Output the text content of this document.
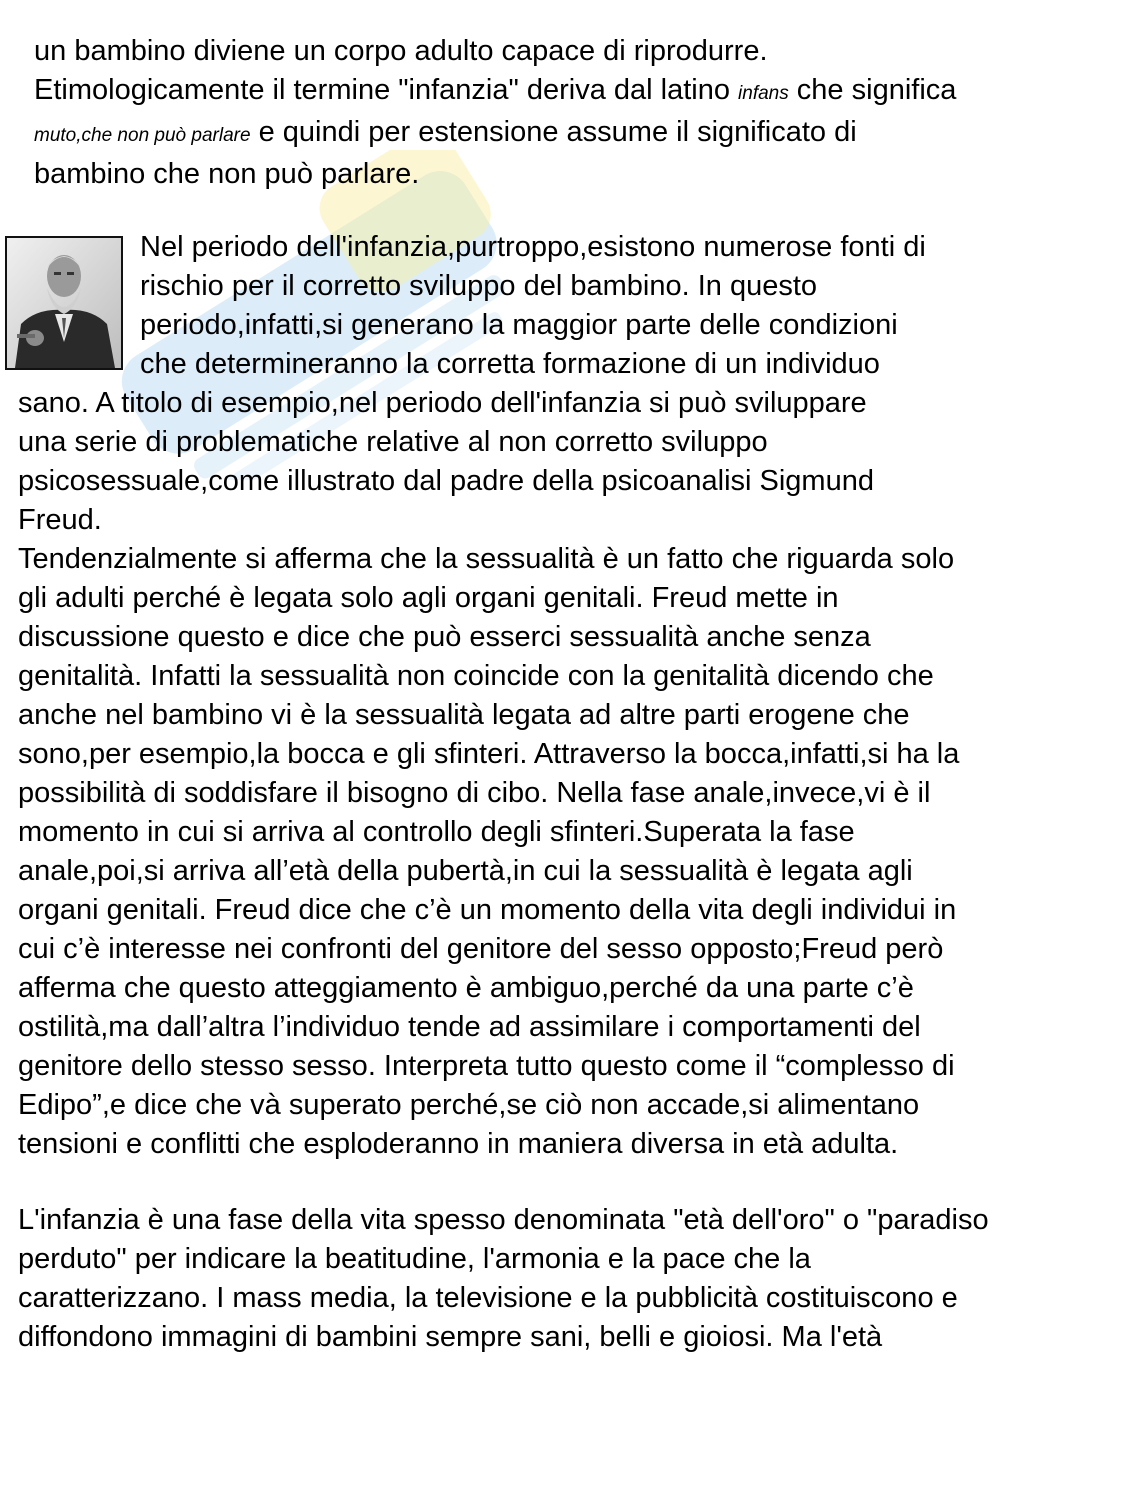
un bambino diviene un corpo adulto capace di riprodurre.
Etimologicamente il termine "infanzia" deriva dal latino infans che significa
muto,che non può parlare e quindi per estensione assume il significato di
bambino che non può parlare.

Nel periodo dell'infanzia,purtroppo,esistono numerose fonti di
rischio per il corretto sviluppo del bambino. In questo
periodo,infatti,si generano la maggior parte delle condizioni
che determineranno la corretta formazione di un individuo

sano. A titolo di esempio,nel periodo dell'infanzia si può sviluppare
una serie di problematiche relative al non corretto sviluppo
psicosessuale,come illustrato dal padre della psicoanalisi Sigmund
Freud.
Tendenzialmente si afferma che la sessualità è un fatto che riguarda solo
gli adulti perché è legata solo agli organi genitali. Freud mette in
discussione questo e dice che può esserci sessualità anche senza
genitalità. Infatti la sessualità non coincide con la genitalità dicendo che
anche nel bambino vi è la sessualità legata ad altre parti erogene che
sono,per esempio,la bocca e gli sfinteri. Attraverso la bocca,infatti,si ha la
possibilità di soddisfare il bisogno di cibo. Nella fase anale,invece,vi è il
momento in cui si arriva al controllo degli sfinteri.Superata la fase
anale,poi,si arriva all’età della pubertà,in cui la sessualità è legata agli
organi genitali. Freud dice che c’è un momento della vita degli individui in
cui c’è interesse nei confronti del genitore del sesso opposto;Freud però
afferma che questo atteggiamento è ambiguo,perché da una parte c’è
ostilità,ma dall’altra l’individuo tende ad assimilare i comportamenti del
genitore dello stesso sesso. Interpreta tutto questo come il “complesso di
Edipo”,e dice che và superato perché,se ciò non accade,si alimentano
tensioni e conflitti che esploderanno in maniera diversa in età adulta.

L'infanzia è una fase della vita spesso denominata "età dell'oro" o "paradiso
perduto" per indicare la beatitudine, l'armonia e la pace che la
caratterizzano. I mass media, la televisione e la pubblicità costituiscono e
diffondono immagini di bambini sempre sani, belli e gioiosi. Ma l'età
